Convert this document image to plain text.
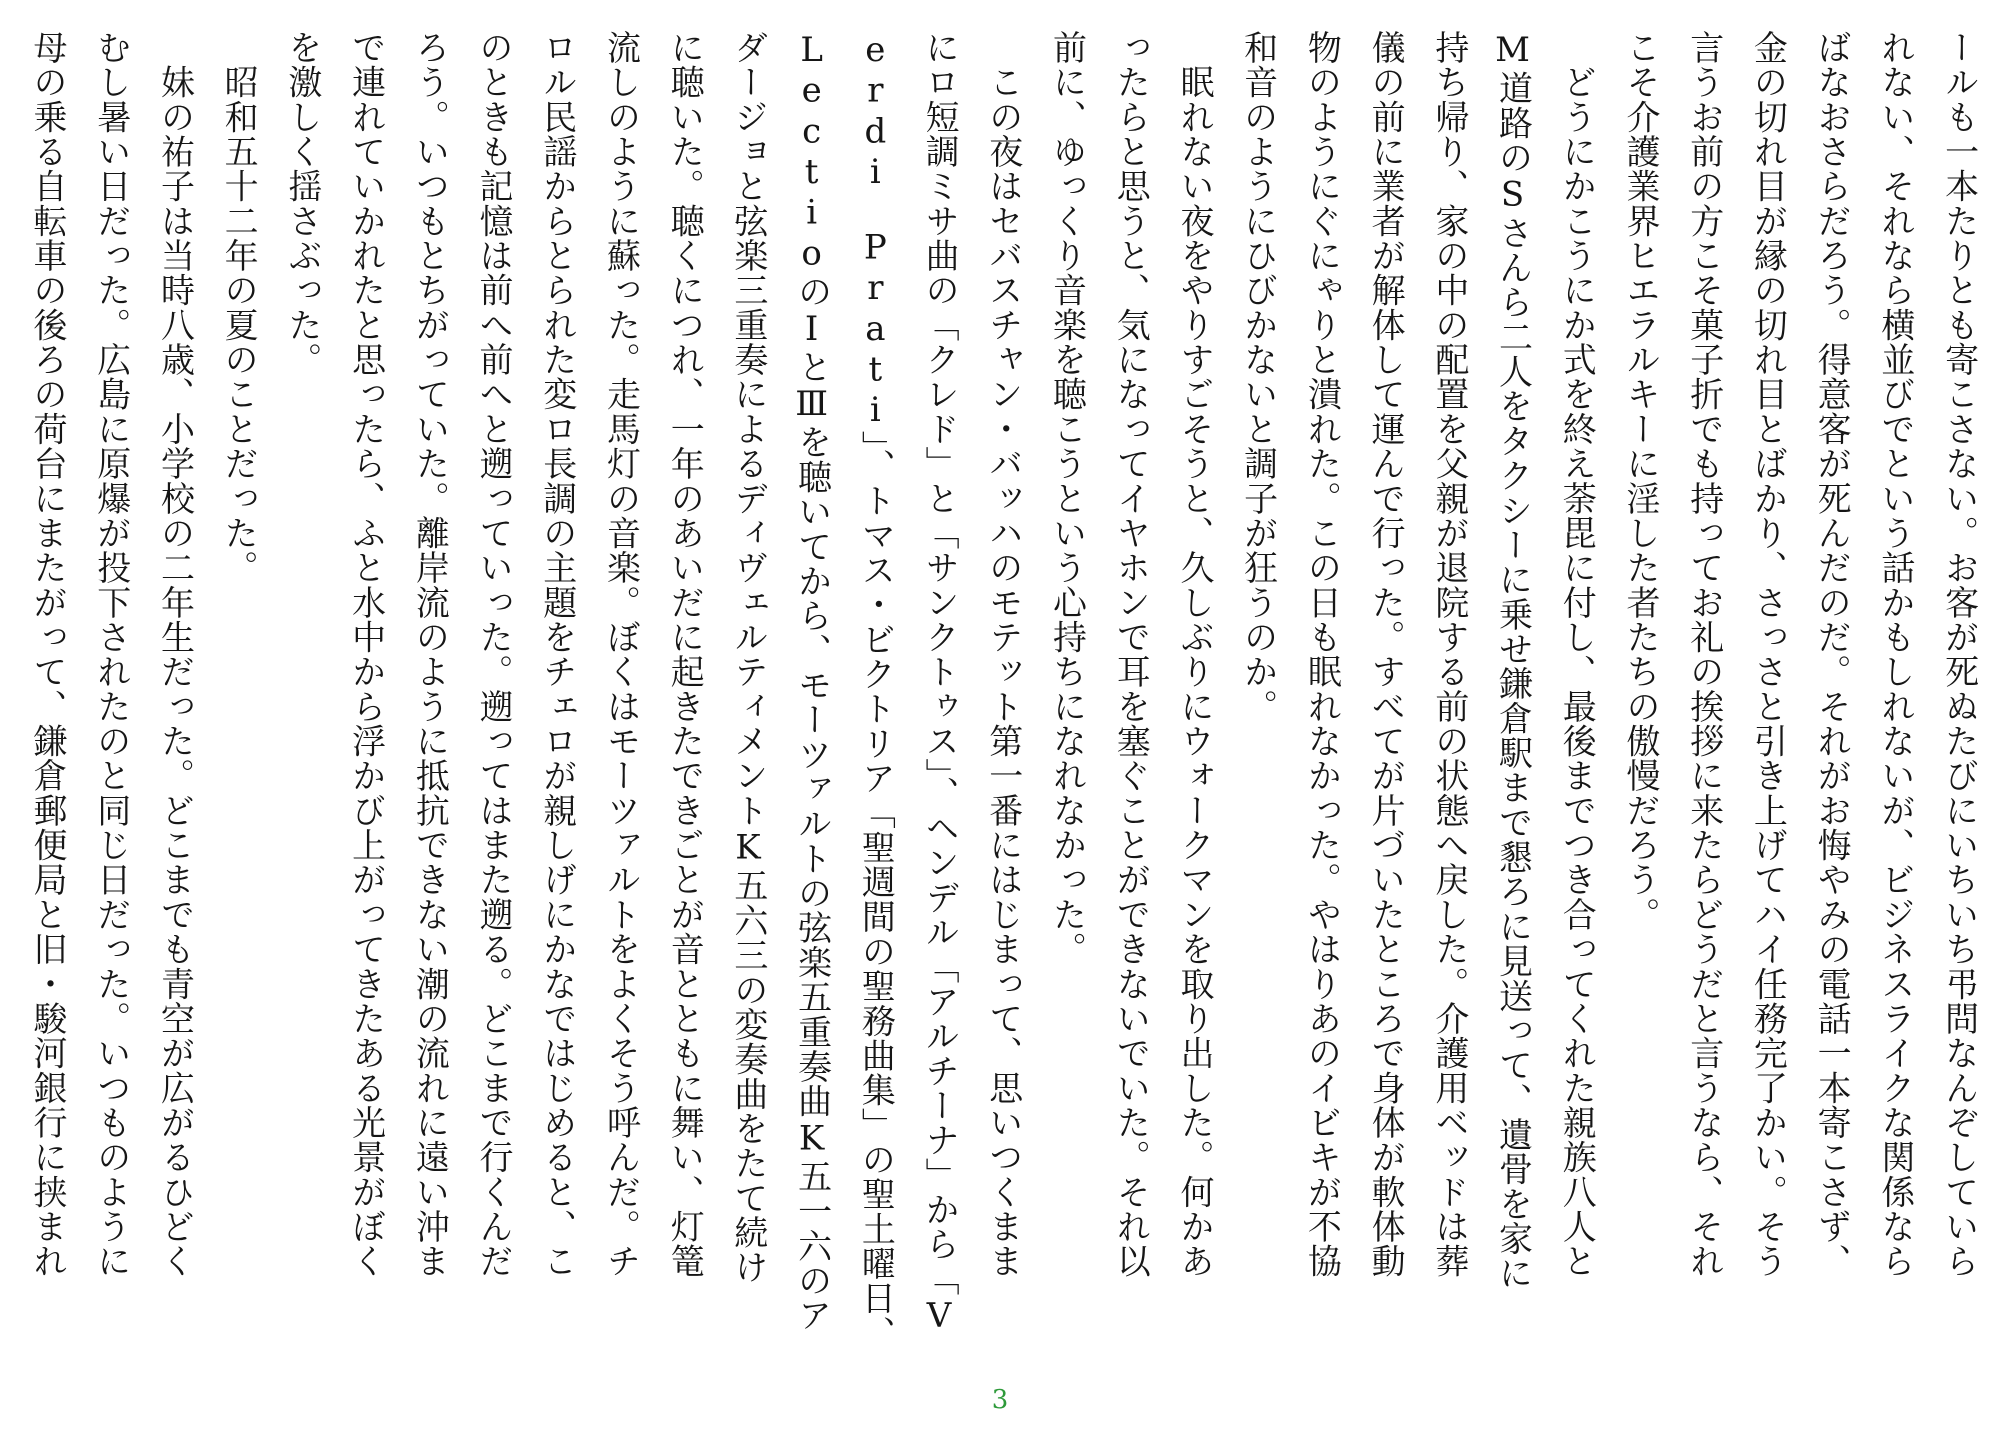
ールも一本たりとも寄こさない。お客が死ぬたびにいちいち弔問なんぞしていら

れない、それなら横並びでという話かもしれないが、ビジネスライクな関係なら

ばなおさらだろう。得意客が死んだのだ。それがお悔やみの電話一本寄こさず、

金の切れ目が縁の切れ目とばかり、さっさと引き上げてハイ任務完了かい。そう

言うお前の方こそ菓子折でも持ってお礼の挨拶に来たらどうだと言うなら、それ

こそ介護業界ヒエラルキーに淫した者たちの傲慢だろう。

　どうにかこうにか式を終え荼毘に付し、最後までつき合ってくれた親族八人と

M道路のSさんら二人をタクシーに乗せ鎌倉駅まで懇ろに見送って、遺骨を家に

持ち帰り、家の中の配置を父親が退院する前の状態へ戻した。介護用ベッドは葬

儀の前に業者が解体して運んで行った。すべてが片づいたところで身体が軟体動

物のようにぐにゃりと潰れた。この日も眠れなかった。やはりあのイビキが不協

和音のようにひびかないと調子が狂うのか。

　眠れない夜をやりすごそうと、久しぶりにウォークマンを取り出した。何かあ

ったらと思うと、気になってイヤホンで耳を塞ぐことができないでいた。それ以

前に、ゆっくり音楽を聴こうという心持ちになれなかった。

　この夜はセバスチャン・バッハのモテット第一番にはじまって、思いつくまま

にロ短調ミサ曲の「クレド」と「サンクトゥス」、ヘンデル「アルチーナ」から「V

erdi　Prati」、トマス・ビクトリア「聖週間の聖務曲集」の聖土曜日、

LectioのIとⅢを聴いてから、モーツァルトの弦楽五重奏曲K五一六のア

ダージョと弦楽三重奏によるディヴェルティメントK五六三の変奏曲をたて続け

に聴いた。聴くにつれ、一年のあいだに起きたできごとが音とともに舞い、灯篭

流しのように蘇った。走馬灯の音楽。ぼくはモーツァルトをよくそう呼んだ。チ

ロル民謡からとられた変ロ長調の主題をチェロが親しげにかなではじめると、こ

のときも記憶は前へ前へと遡っていった。遡ってはまた遡る。どこまで行くんだ

ろう。いつもとちがっていた。離岸流のように抵抗できない潮の流れに遠い沖ま

で連れていかれたと思ったら、ふと水中から浮かび上がってきたある光景がぼく

を激しく揺さぶった。

　昭和五十二年の夏のことだった。

　妹の祐子は当時八歳、小学校の二年生だった。どこまでも青空が広がるひどく

むし暑い日だった。広島に原爆が投下されたのと同じ日だった。いつものように

母の乗る自転車の後ろの荷台にまたがって、鎌倉郵便局と旧・駿河銀行に挟まれ

3
